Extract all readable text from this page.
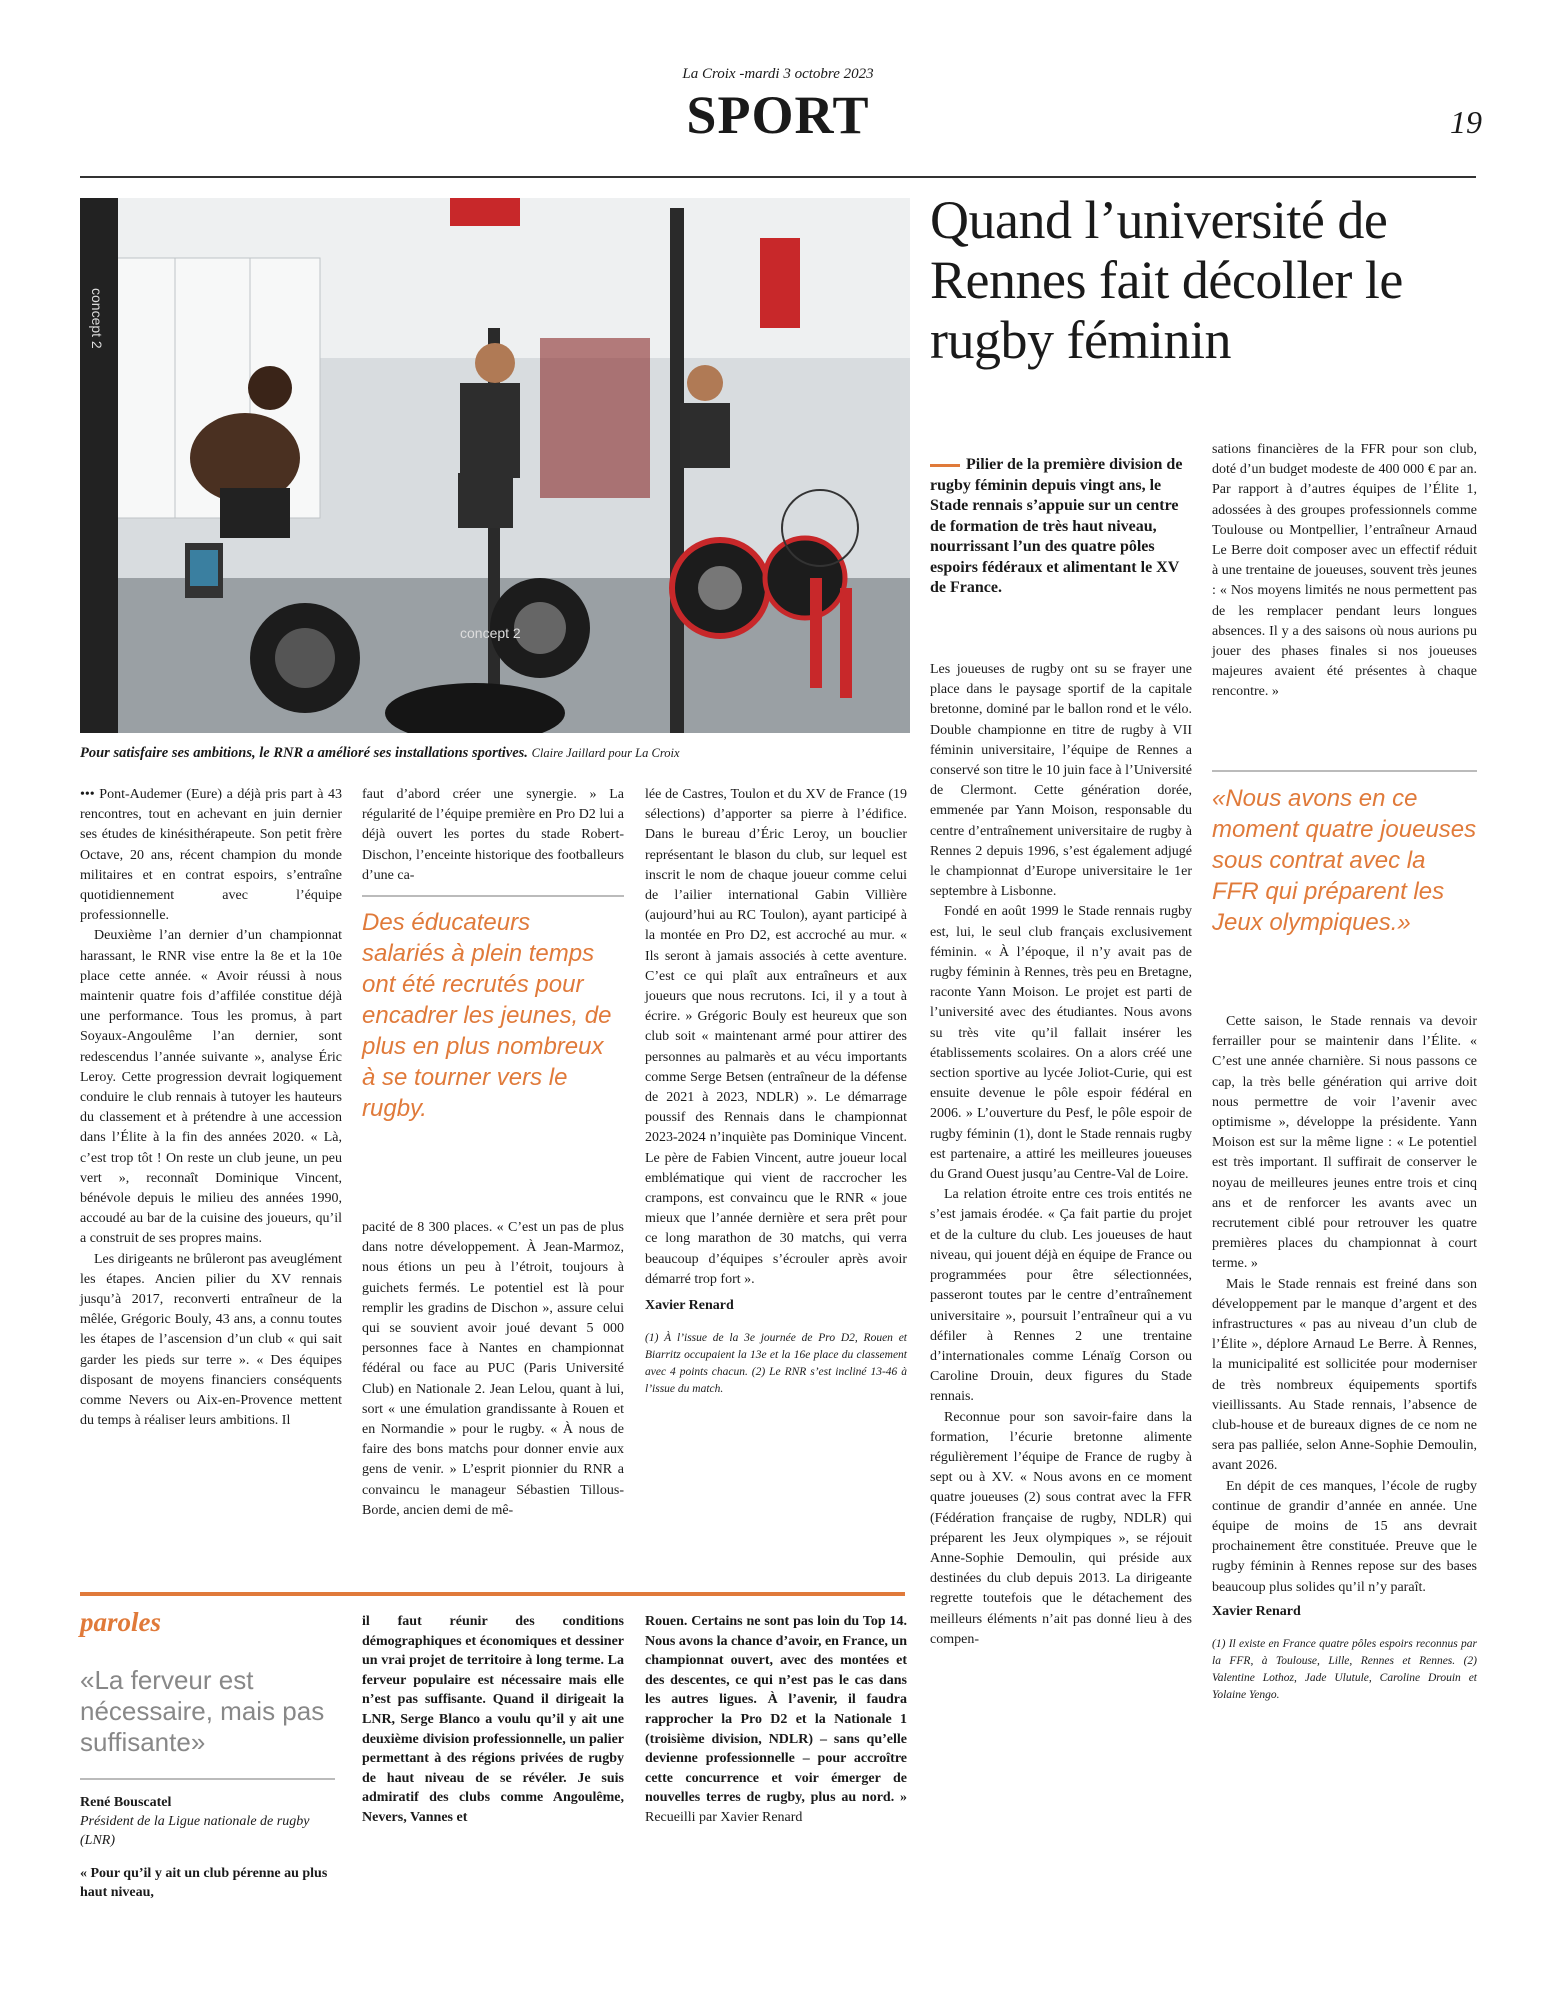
La Croix -mardi 3 octobre 2023
SPORT	19
concept 2
concept 2
Pour satisfaire ses ambitions, le RNR a amélioré ses installations sportives. Claire Jaillard pour La Croix
Quand l’université de Rennes fait décoller le rugby féminin
Pilier de la première division de rugby féminin depuis vingt ans, le Stade rennais s’appuie sur un centre de formation de très haut niveau, nourrissant l’un des quatre pôles espoirs fédéraux et alimentant le XV de France.

••• Pont-Audemer (Eure) a déjà pris part à 43 rencontres, tout en achevant en juin dernier ses études de kinésithérapeute. Son petit frère Octave, 20 ans, récent champion du monde militaires et en contrat espoirs, s’entraîne quotidiennement avec l’équipe professionnelle.

Deuxième l’an dernier d’un championnat harassant, le RNR vise entre la 8e et la 10e place cette année. « Avoir réussi à nous maintenir quatre fois d’affilée constitue déjà une performance. Tous les promus, à part Soyaux-Angoulême l’an dernier, sont redescendus l’année suivante », analyse Éric Leroy. Cette progression devrait logiquement conduire le club rennais à tutoyer les hauteurs du classement et à prétendre à une accession dans l’Élite à la fin des années 2020. « Là, c’est trop tôt ! On reste un club jeune, un peu vert », reconnaît Dominique Vincent, bénévole depuis le milieu des années 1990, accoudé au bar de la cuisine des joueurs, qu’il a construit de ses propres mains.

Les dirigeants ne brûleront pas aveuglément les étapes. Ancien pilier du XV rennais jusqu’à 2017, reconverti entraîneur de la mêlée, Grégoric Bouly, 43 ans, a connu toutes les étapes de l’ascension d’un club « qui sait garder les pieds sur terre ». « Des équipes disposant de moyens financiers conséquents comme Nevers ou Aix-en-Provence mettent du temps à réaliser leurs ambitions. Il

faut d’abord créer une synergie. » La régularité de l’équipe première en Pro D2 lui a déjà ouvert les portes du stade Robert-Dischon, l’enceinte historique des footballeurs d’une ca-

Des éducateurs salariés à plein temps ont été recrutés pour encadrer les jeunes, de plus en plus nombreux à se tourner vers le rugby.

pacité de 8 300 places. « C’est un pas de plus dans notre développement. À Jean-Marmoz, nous étions un peu à l’étroit, toujours à guichets fermés. Le potentiel est là pour remplir les gradins de Dischon », assure celui qui se souvient avoir joué devant 5 000 personnes face à Nantes en championnat fédéral ou face au PUC (Paris Université Club) en Nationale 2. Jean Lelou, quant à lui, sort « une émulation grandissante à Rouen et en Normandie » pour le rugby. « À nous de faire des bons matchs pour donner envie aux gens de venir. » L’esprit pionnier du RNR a convaincu le manageur Sébastien Tillous-Borde, ancien demi de mê-

lée de Castres, Toulon et du XV de France (19 sélections) d’apporter sa pierre à l’édifice. Dans le bureau d’Éric Leroy, un bouclier représentant le blason du club, sur lequel est inscrit le nom de chaque joueur comme celui de l’ailier international Gabin Villière (aujourd’hui au RC Toulon), ayant participé à la montée en Pro D2, est accroché au mur. « Ils seront à jamais associés à cette aventure. C’est ce qui plaît aux entraîneurs et aux joueurs que nous recrutons. Ici, il y a tout à écrire. » Grégoric Bouly est heureux que son club soit « maintenant armé pour attirer des personnes au palmarès et au vécu importants comme Serge Betsen (entraîneur de la défense de 2021 à 2023, NDLR) ». Le démarrage poussif des Rennais dans le championnat 2023-2024 n’inquiète pas Dominique Vincent. Le père de Fabien Vincent, autre joueur local emblématique qui vient de raccrocher les crampons, est convaincu que le RNR « joue mieux que l’année dernière et sera prêt pour ce long marathon de 30 matchs, qui verra beaucoup d’équipes s’écrouler après avoir démarré trop fort ».

Xavier Renard
(1) À l’issue de la 3e journée de Pro D2, Rouen et Biarritz occupaient la 13e et la 16e place du classement avec 4 points chacun. (2) Le RNR s’est incliné 13-46 à l’issue du match.

Les joueuses de rugby ont su se frayer une place dans le paysage sportif de la capitale bretonne, dominé par le ballon rond et le vélo. Double championne en titre de rugby à VII féminin universitaire, l’équipe de Rennes a conservé son titre le 10 juin face à l’Université de Clermont. Cette génération dorée, emmenée par Yann Moison, responsable du centre d’entraînement universitaire de rugby à Rennes 2 depuis 1996, s’est également adjugé le championnat d’Europe universitaire le 1er septembre à Lisbonne.

Fondé en août 1999 le Stade rennais rugby est, lui, le seul club français exclusivement féminin. « À l’époque, il n’y avait pas de rugby féminin à Rennes, très peu en Bretagne, raconte Yann Moison. Le projet est parti de l’université avec des étudiantes. Nous avons su très vite qu’il fallait insérer les établissements scolaires. On a alors créé une section sportive au lycée Joliot-Curie, qui est ensuite devenue le pôle espoir fédéral en 2006. » L’ouverture du Pesf, le pôle espoir de rugby féminin (1), dont le Stade rennais rugby est partenaire, a attiré les meilleures joueuses du Grand Ouest jusqu’au Centre-Val de Loire.

La relation étroite entre ces trois entités ne s’est jamais érodée. « Ça fait partie du projet et de la culture du club. Les joueuses de haut niveau, qui jouent déjà en équipe de France ou programmées pour être sélectionnées, passeront toutes par le centre d’entraînement universitaire », poursuit l’entraîneur qui a vu défiler à Rennes 2 une trentaine d’internationales comme Lénaïg Corson ou Caroline Drouin, deux figures du Stade rennais.

Reconnue pour son savoir-faire dans la formation, l’écurie bretonne alimente régulièrement l’équipe de France de rugby à sept ou à XV. « Nous avons en ce moment quatre joueuses (2) sous contrat avec la FFR (Fédération française de rugby, NDLR) qui préparent les Jeux olympiques », se réjouit Anne-Sophie Demoulin, qui préside aux destinées du club depuis 2013. La dirigeante regrette toutefois que le détachement des meilleurs éléments n’ait pas donné lieu à des compen-

sations financières de la FFR pour son club, doté d’un budget modeste de 400 000 € par an. Par rapport à d’autres équipes de l’Élite 1, adossées à des groupes professionnels comme Toulouse ou Montpellier, l’entraîneur Arnaud Le Berre doit composer avec un effectif réduit à une trentaine de joueuses, souvent très jeunes : « Nos moyens limités ne nous permettent pas de les remplacer pendant leurs longues absences. Il y a des saisons où nous aurions pu jouer des phases finales si nos joueuses majeures avaient été présentes à chaque rencontre. »

«Nous avons en ce moment quatre joueuses sous contrat avec la FFR qui préparent les Jeux olympiques.»

Cette saison, le Stade rennais va devoir ferrailler pour se maintenir dans l’Élite. « C’est une année charnière. Si nous passons ce cap, la très belle génération qui arrive doit nous permettre de voir l’avenir avec optimisme », développe la présidente. Yann Moison est sur la même ligne : « Le potentiel est très important. Il suffirait de conserver le noyau de meilleures jeunes entre trois et cinq ans et de renforcer les avants avec un recrutement ciblé pour retrouver les quatre premières places du championnat à court terme. »

Mais le Stade rennais est freiné dans son développement par le manque d’argent et des infrastructures « pas au niveau d’un club de l’Élite », déplore Arnaud Le Berre. À Rennes, la municipalité est sollicitée pour moderniser de très nombreux équipements sportifs vieillissants. Au Stade rennais, l’absence de club-house et de bureaux dignes de ce nom ne sera pas palliée, selon Anne-Sophie Demoulin, avant 2026.

En dépit de ces manques, l’école de rugby continue de grandir d’année en année. Une équipe de moins de 15 ans devrait prochainement être constituée. Preuve que le rugby féminin à Rennes repose sur des bases beaucoup plus solides qu’il n’y paraît.

Xavier Renard
(1) Il existe en France quatre pôles espoirs reconnus par la FFR, à Toulouse, Lille, Rennes et Rennes. (2) Valentine Lothoz, Jade Ulutule, Caroline Drouin et Yolaine Yengo.
paroles
«La ferveur est nécessaire, mais pas suffisante»
René Bouscatel
Président de la Ligue nationale de rugby (LNR)
« Pour qu’il y ait un club pérenne au plus haut niveau,
il faut réunir des conditions démographiques et économiques et dessiner un vrai projet de territoire à long terme. La ferveur populaire est nécessaire mais elle n’est pas suffisante. Quand il dirigeait la LNR, Serge Blanco a voulu qu’il y ait une deuxième division professionnelle, un palier permettant à des régions privées de rugby de haut niveau de se révéler. Je suis admiratif des clubs comme Angoulême, Nevers, Vannes et
Rouen. Certains ne sont pas loin du Top 14. Nous avons la chance d’avoir, en France, un championnat ouvert, avec des montées et des descentes, ce qui n’est pas le cas dans les autres ligues. À l’avenir, il faudra rapprocher la Pro D2 et la Nationale 1 (troisième division, NDLR) – sans qu’elle devienne professionnelle – pour accroître cette concurrence et voir émerger de nouvelles terres de rugby, plus au nord. » Recueilli par Xavier Renard
